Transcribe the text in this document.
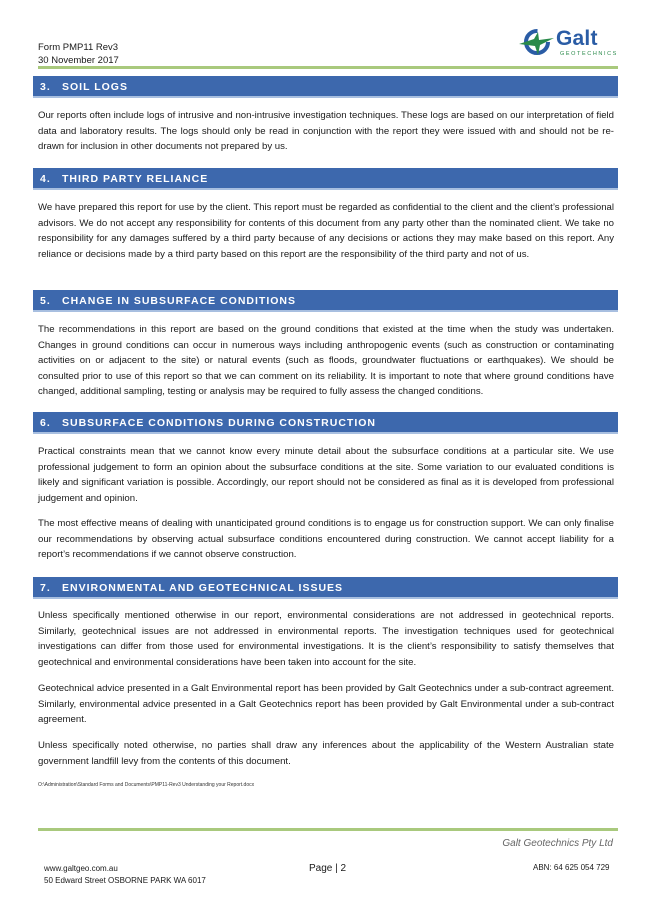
Form PMP11 Rev3
30 November 2017
Galt
GEOTECHNICS
3. SOIL LOGS

Our reports often include logs of intrusive and non-intrusive investigation techniques. These logs are based on our interpretation of field data and laboratory results. The logs should only be read in conjunction with the report they were issued with and should not be re-drawn for inclusion in other documents not prepared by us.

4. THIRD PARTY RELIANCE

We have prepared this report for use by the client. This report must be regarded as confidential to the client and the client’s professional advisors. We do not accept any responsibility for contents of this document from any party other than the nominated client. We take no responsibility for any damages suffered by a third party because of any decisions or actions they may make based on this report. Any reliance or decisions made by a third party based on this report are the responsibility of the third party and not of us.

5. CHANGE IN SUBSURFACE CONDITIONS

The recommendations in this report are based on the ground conditions that existed at the time when the study was undertaken. Changes in ground conditions can occur in numerous ways including anthropogenic events (such as construction or contaminating activities on or adjacent to the site) or natural events (such as floods, groundwater fluctuations or earthquakes). We should be consulted prior to use of this report so that we can comment on its reliability. It is important to note that where ground conditions have changed, additional sampling, testing or analysis may be required to fully assess the changed conditions.

6. SUBSURFACE CONDITIONS DURING CONSTRUCTION

Practical constraints mean that we cannot know every minute detail about the subsurface conditions at a particular site. We use professional judgement to form an opinion about the subsurface conditions at the site. Some variation to our evaluated conditions is likely and significant variation is possible. Accordingly, our report should not be considered as final as it is developed from professional judgement and opinion.

The most effective means of dealing with unanticipated ground conditions is to engage us for construction support. We can only finalise our recommendations by observing actual subsurface conditions encountered during construction. We cannot accept liability for a report’s recommendations if we cannot observe construction.

7. ENVIRONMENTAL AND GEOTECHNICAL ISSUES

Unless specifically mentioned otherwise in our report, environmental considerations are not addressed in geotechnical reports. Similarly, geotechnical issues are not addressed in environmental reports. The investigation techniques used for geotechnical investigations can differ from those used for environmental investigations. It is the client’s responsibility to satisfy themselves that geotechnical and environmental considerations have been taken into account for the site.

Geotechnical advice presented in a Galt Environmental report has been provided by Galt Geotechnics under a sub-contract agreement. Similarly, environmental advice presented in a Galt Geotechnics report has been provided by Galt Environmental under a sub-contract agreement.

Unless specifically noted otherwise, no parties shall draw any inferences about the applicability of the Western Australian state government landfill levy from the contents of this document.

O:\Administration\Standard Forms and Documents\PMP11-Rev3 Understanding your Report.docx
Galt Geotechnics Pty Ltd
www.galtgeo.com.au
50 Edward Street OSBORNE PARK WA 6017
Page | 2	ABN: 64 625 054 729
